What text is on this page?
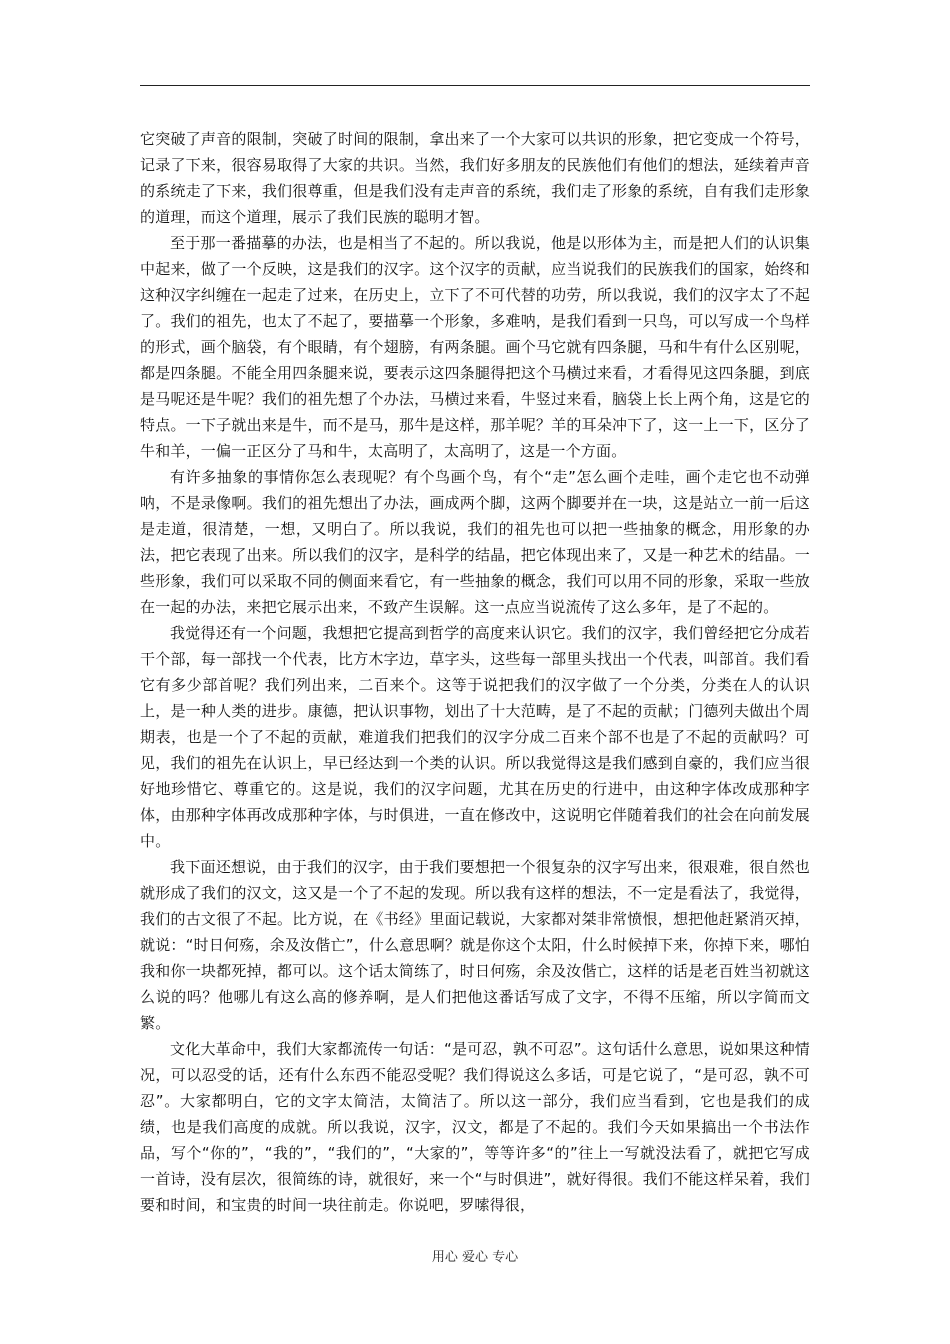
它突破了声音的限制，突破了时间的限制，拿出来了一个大家可以共识的形象，把它变成一个符号，记录了下来，很容易取得了大家的共识。当然，我们好多朋友的民族他们有他们的想法，延续着声音的系统走了下来，我们很尊重，但是我们没有走声音的系统，我们走了形象的系统，自有我们走形象的道理，而这个道理，展示了我们民族的聪明才智。

至于那一番描摹的办法，也是相当了不起的。所以我说，他是以形体为主，而是把人们的认识集中起来，做了一个反映，这是我们的汉字。这个汉字的贡献，应当说我们的民族我们的国家，始终和这种汉字纠缠在一起走了过来，在历史上，立下了不可代替的功劳，所以我说，我们的汉字太了不起了。我们的祖先，也太了不起了，要描摹一个形象，多难呐，是我们看到一只鸟，可以写成一个鸟样的形式，画个脑袋，有个眼睛，有个翅膀，有两条腿。画个马它就有四条腿，马和牛有什么区别呢，都是四条腿。不能全用四条腿来说，要表示这四条腿得把这个马横过来看，才看得见这四条腿，到底是马呢还是牛呢？我们的祖先想了个办法，马横过来看，牛竖过来看，脑袋上长上两个角，这是它的特点。一下子就出来是牛，而不是马，那牛是这样，那羊呢？羊的耳朵冲下了，这一上一下，区分了牛和羊，一偏一正区分了马和牛，太高明了，太高明了，这是一个方面。

有许多抽象的事情你怎么表现呢？有个鸟画个鸟，有个“走”怎么画个走哇，画个走它也不动弹呐，不是录像啊。我们的祖先想出了办法，画成两个脚，这两个脚要并在一块，这是站立一前一后这是走道，很清楚，一想，又明白了。所以我说，我们的祖先也可以把一些抽象的概念，用形象的办法，把它表现了出来。所以我们的汉字，是科学的结晶，把它体现出来了，又是一种艺术的结晶。一些形象，我们可以采取不同的侧面来看它，有一些抽象的概念，我们可以用不同的形象，采取一些放在一起的办法，来把它展示出来，不致产生误解。这一点应当说流传了这么多年，是了不起的。

我觉得还有一个问题，我想把它提高到哲学的高度来认识它。我们的汉字，我们曾经把它分成若干个部，每一部找一个代表，比方木字边，草字头，这些每一部里头找出一个代表，叫部首。我们看它有多少部首呢？我们列出来，二百来个。这等于说把我们的汉字做了一个分类，分类在人的认识上，是一种人类的进步。康德，把认识事物，划出了十大范畴，是了不起的贡献；门德列夫做出个周期表，也是一个了不起的贡献，难道我们把我们的汉字分成二百来个部不也是了不起的贡献吗？可见，我们的祖先在认识上，早已经达到一个类的认识。所以我觉得这是我们感到自豪的，我们应当很好地珍惜它、尊重它的。这是说，我们的汉字问题，尤其在历史的行进中，由这种字体改成那种字体，由那种字体再改成那种字体，与时俱进，一直在修改中，这说明它伴随着我们的社会在向前发展中。

我下面还想说，由于我们的汉字，由于我们要想把一个很复杂的汉字写出来，很艰难，很自然也就形成了我们的汉文，这又是一个了不起的发现。所以我有这样的想法，不一定是看法了，我觉得，我们的古文很了不起。比方说，在《书经》里面记载说，大家都对桀非常愤恨，想把他赶紧消灭掉，就说：“时日何殇，余及汝偕亡”，什么意思啊？就是你这个太阳，什么时候掉下来，你掉下来，哪怕我和你一块都死掉，都可以。这个话太简练了，时日何殇，余及汝偕亡，这样的话是老百姓当初就这么说的吗？他哪儿有这么高的修养啊，是人们把他这番话写成了文字，不得不压缩，所以字简而文繁。

文化大革命中，我们大家都流传一句话：“是可忍，孰不可忍”。这句话什么意思，说如果这种情况，可以忍受的话，还有什么东西不能忍受呢？我们得说这么多话，可是它说了，“是可忍，孰不可忍”。大家都明白，它的文字太简洁，太简洁了。所以这一部分，我们应当看到，它也是我们的成绩，也是我们高度的成就。所以我说，汉字，汉文，都是了不起的。我们今天如果搞出一个书法作品，写个“你的”，“我的”，“我们的”，“大家的”，等等许多“的”往上一写就没法看了，就把它写成一首诗，没有层次，很简练的诗，就很好，来一个“与时俱进”，就好得很。我们不能这样呆着，我们要和时间，和宝贵的时间一块往前走。你说吧，罗嗦得很，

用心 爱心 专心
